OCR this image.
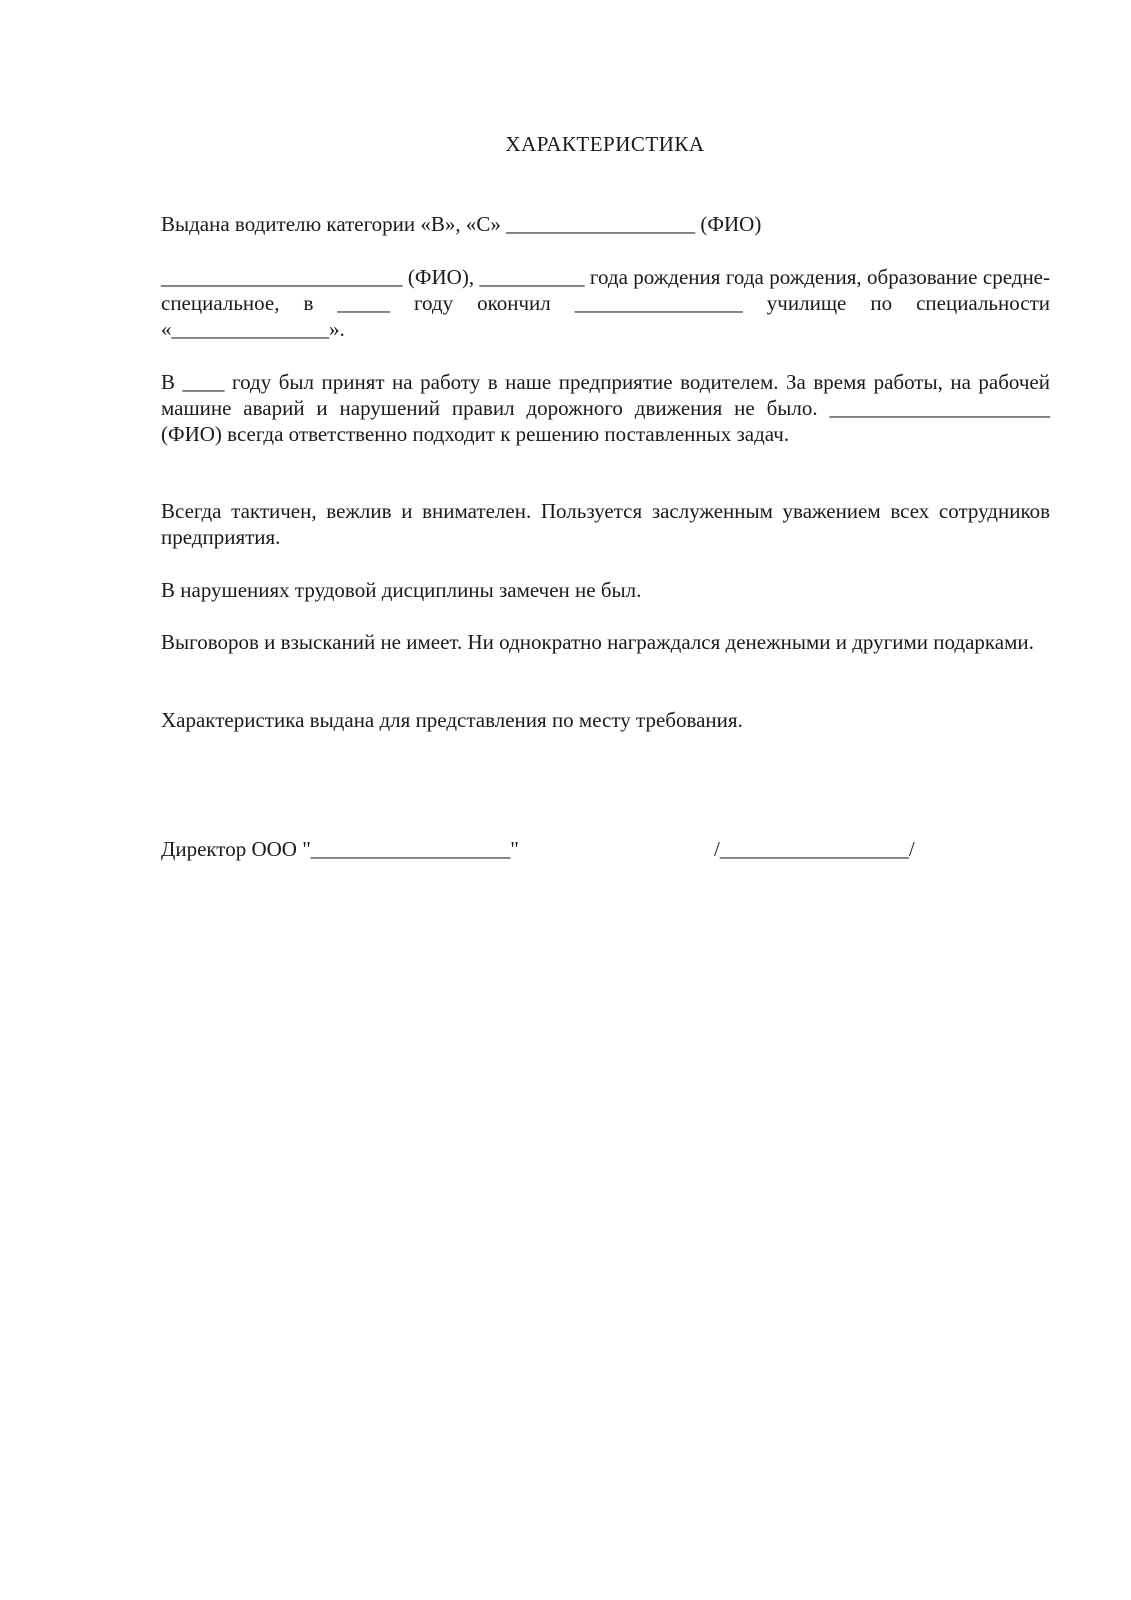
ХАРАКТЕРИСТИКА

Выдана водителю категории «В», «С» __________________ (ФИО)

_______________________ (ФИО), __________ года рождения года рождения, образование средне-специальное, в _____ году окончил ________________ училище по специальности «_______________».

В ____ году был принят на работу в наше предприятие водителем. За время работы, на рабочей машине аварий и нарушений правил дорожного движения не было. _____________________ (ФИО) всегда ответственно подходит к решению поставленных задач.

Всегда тактичен, вежлив и внимателен. Пользуется заслуженным уважением всех сотрудников предприятия.

В нарушениях трудовой дисциплины замечен не был.

Выговоров и взысканий не имеет. Ни однократно награждался денежными и другими подарками.

Характеристика выдана для представления по месту требования.

Директор ООО "___________________"	/__________________/
